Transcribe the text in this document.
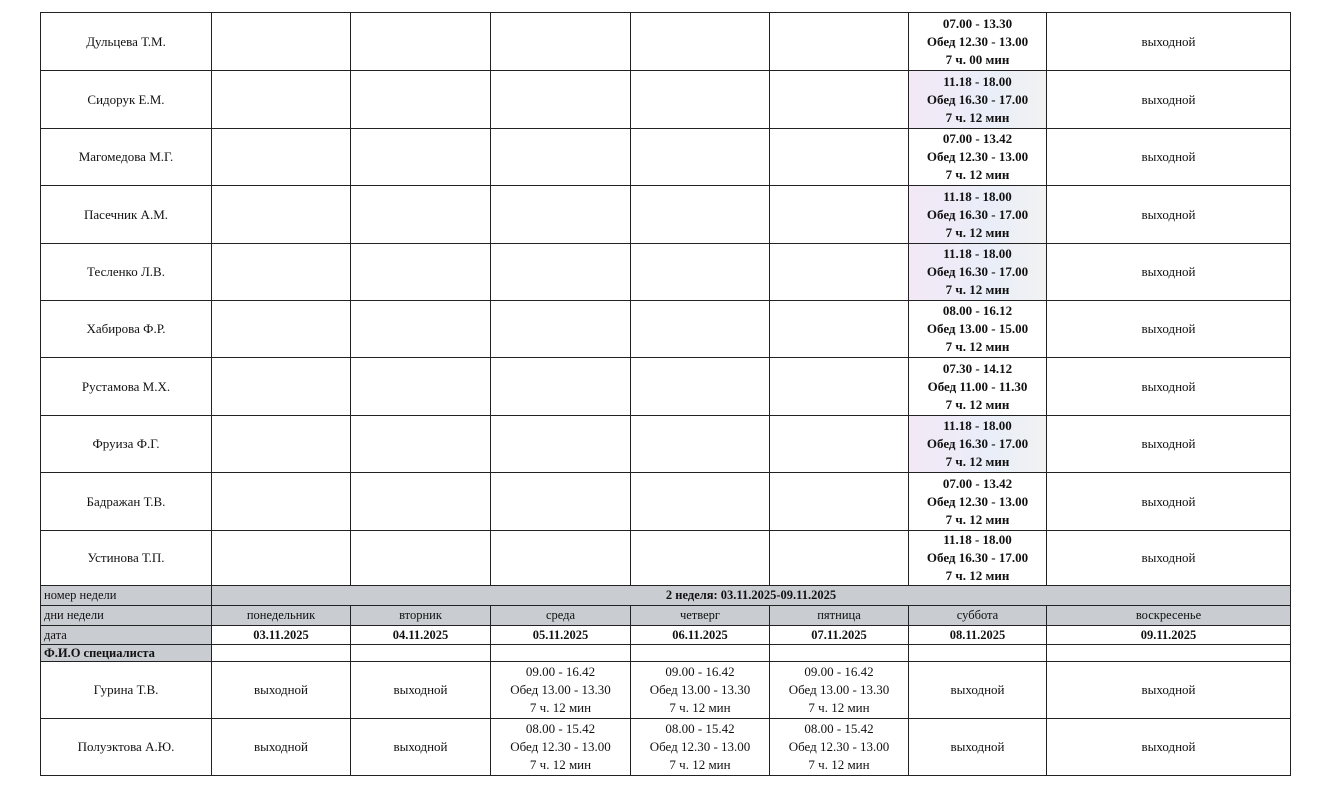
Дульцева Т.М.						07.00 - 13.30
Обед 12.30 - 13.00
7 ч. 00 мин	выходной
Сидорук Е.М.						11.18 - 18.00
Обед 16.30 - 17.00
7 ч. 12 мин	выходной
Магомедова М.Г.						07.00 - 13.42
Обед 12.30 - 13.00
7 ч. 12 мин	выходной
Пасечник А.М.						11.18 - 18.00
Обед 16.30 - 17.00
7 ч. 12 мин	выходной
Тесленко Л.В.						11.18 - 18.00
Обед 16.30 - 17.00
7 ч. 12 мин	выходной
Хабирова Ф.Р.						08.00 - 16.12
Обед 13.00 - 15.00
7 ч. 12 мин	выходной
Рустамова М.Х.						07.30 - 14.12
Обед 11.00 - 11.30
7 ч. 12 мин	выходной
Фруиза Ф.Г.						11.18 - 18.00
Обед 16.30 - 17.00
7 ч. 12 мин	выходной
Бадражан Т.В.						07.00 - 13.42
Обед 12.30 - 13.00
7 ч. 12 мин	выходной
Устинова Т.П.						11.18 - 18.00
Обед 16.30 - 17.00
7 ч. 12 мин	выходной
номер недели	2 неделя: 03.11.2025-09.11.2025						
дни недели	понедельник	вторник	среда	четверг	пятница	суббота	воскресенье
дата	03.11.2025	04.11.2025	05.11.2025	06.11.2025	07.11.2025	08.11.2025	09.11.2025
Ф.И.О специалиста							
Гурина Т.В.	выходной	выходной	09.00 - 16.42
Обед 13.00 - 13.30
7 ч. 12 мин	09.00 - 16.42
Обед 13.00 - 13.30
7 ч. 12 мин	09.00 - 16.42
Обед 13.00 - 13.30
7 ч. 12 мин	выходной	выходной

Полуэктова А.Ю.	выходной	выходной	08.00 - 15.42
Обед 12.30 - 13.00
7 ч. 12 мин	08.00 - 15.42
Обед 12.30 - 13.00
7 ч. 12 мин	08.00 - 15.42
Обед 12.30 - 13.00
7 ч. 12 мин	выходной	выходной
